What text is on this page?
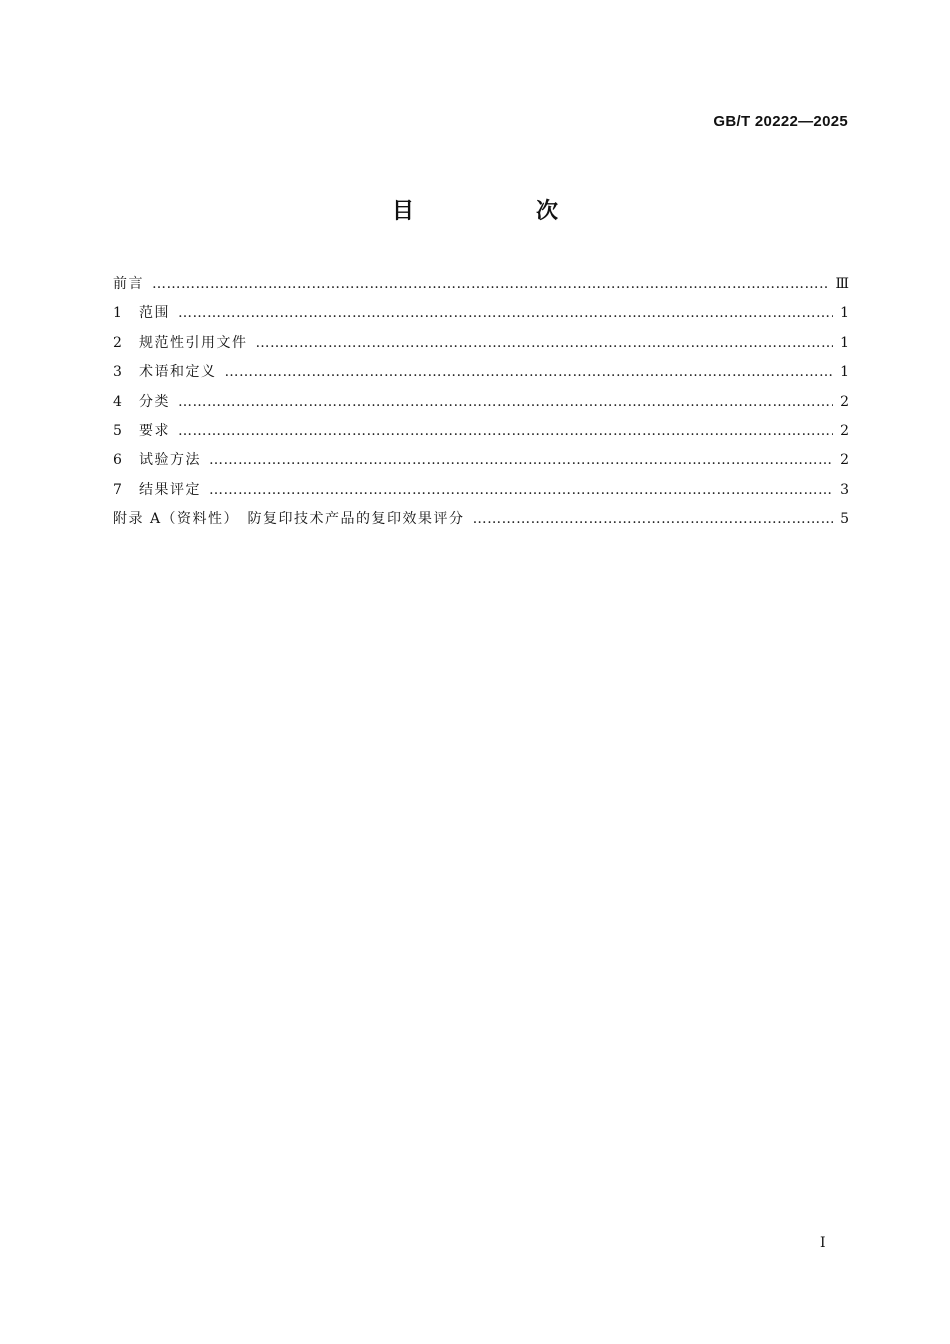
GB/T 20222—2025
目　次
前言 …………………………………………………………………………………………………………………………………………………………………………………………………………………………………	Ⅲ
1	范围 …………………………………………………………………………………………………………………………………………………………………………………………………………………………………	1
2	规范性引用文件 …………………………………………………………………………………………………………………………………………………………………………………………………………………………………	1
3	术语和定义 …………………………………………………………………………………………………………………………………………………………………………………………………………………………………	1
4	分类 …………………………………………………………………………………………………………………………………………………………………………………………………………………………………	2
5	要求 …………………………………………………………………………………………………………………………………………………………………………………………………………………………………	2
6	试验方法 …………………………………………………………………………………………………………………………………………………………………………………………………………………………………	2
7	结果评定 …………………………………………………………………………………………………………………………………………………………………………………………………………………………………	3
附录 A（资料性）　防复印技术产品的复印效果评分 …………………………………………………………………………………………………………………………………………………………………………………………………………………………………	5
Ⅰ
